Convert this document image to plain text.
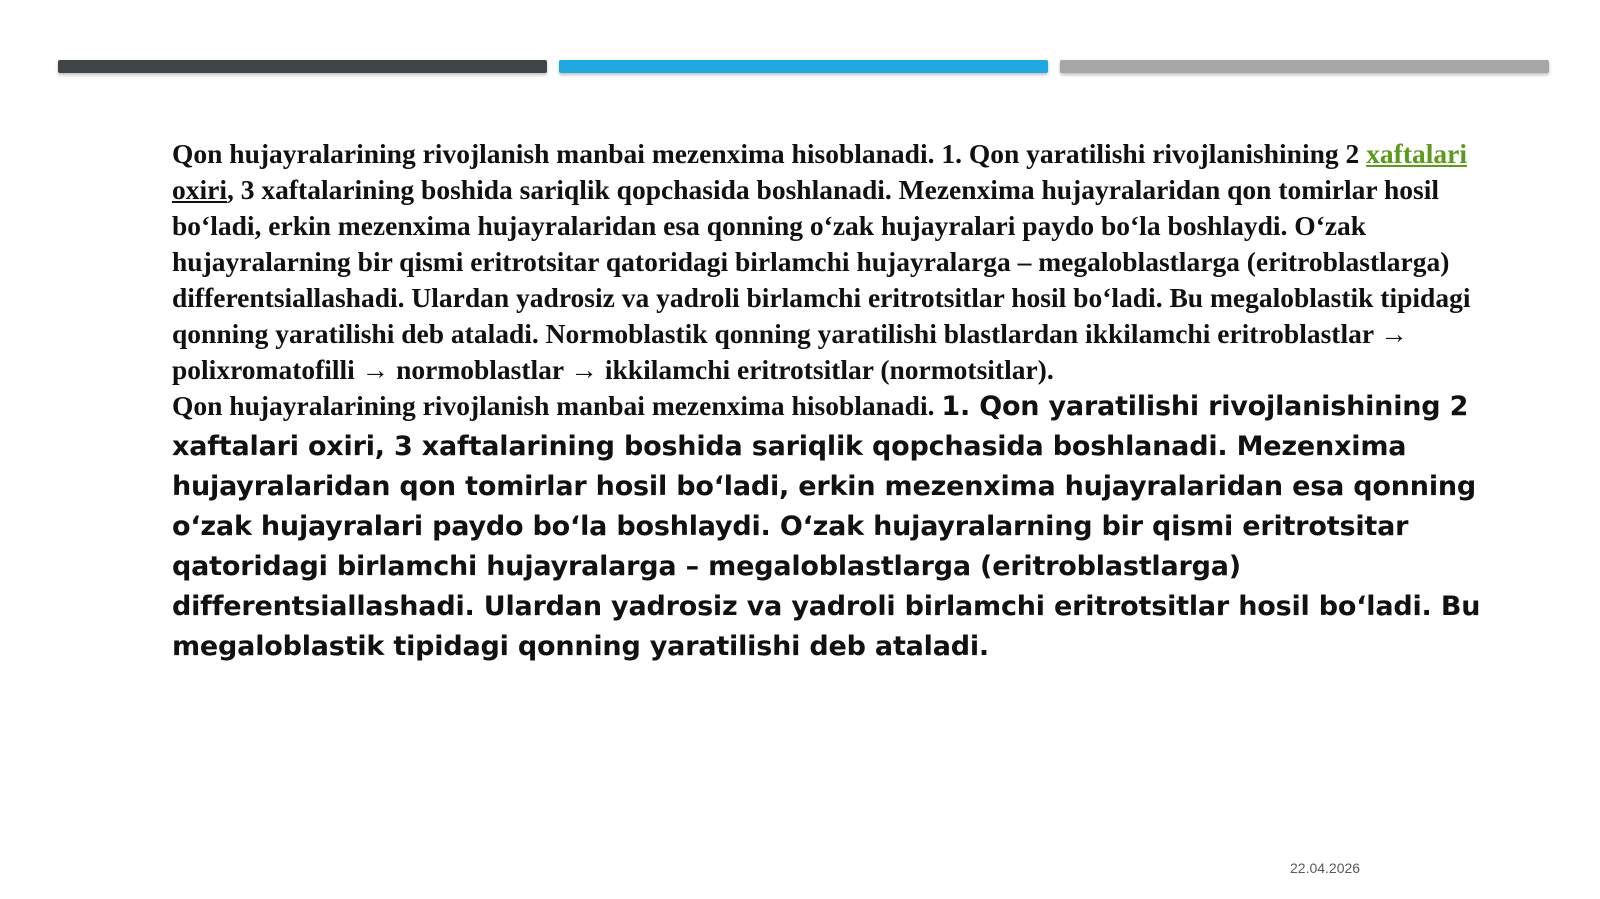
Qon hujayralarining rivojlanish manbai mezenxima hisoblanadi. 1. Qon yaratilishi rivojlanishining 2 xaftalari oxiri, 3 xaftalarining boshida sariqlik qopchasida boshlanadi. Mezenxima hujayralaridan qon tomirlar hosil bo‘ladi, erkin mezenxima hujayralaridan esa qonning o‘zak hujayralari paydo bo‘la boshlaydi. O‘zak hujayralarning bir qismi eritrotsitar qatoridagi birlamchi hujayralarga – megaloblastlarga (eritroblastlarga) differentsiallashadi. Ulardan yadrosiz va yadroli birlamchi eritrotsitlar hosil bo‘ladi. Bu megaloblastik tipidagi qonning yaratilishi deb ataladi. Normoblastik qonning yaratilishi blastlardan ikkilamchi eritroblastlar → polixromatofilli → normoblastlar → ikkilamchi eritrotsitlar (normotsitlar).

Qon hujayralarining rivojlanish manbai mezenxima hisoblanadi. 1. Qon yaratilishi rivojlanishining 2 xaftalari oxiri, 3 xaftalarining boshida sariqlik qopchasida boshlanadi. Mezenxima hujayralaridan qon tomirlar hosil bo‘ladi, erkin mezenxima hujayralaridan esa qonning o‘zak hujayralari paydo bo‘la boshlaydi. O‘zak hujayralarning bir qismi eritrotsitar qatoridagi birlamchi hujayralarga – megaloblastlarga (eritroblastlarga) differentsiallashadi. Ulardan yadrosiz va yadroli birlamchi eritrotsitlar hosil bo‘ladi. Bu megaloblastik tipidagi qonning yaratilishi deb ataladi.

22.04.2026
